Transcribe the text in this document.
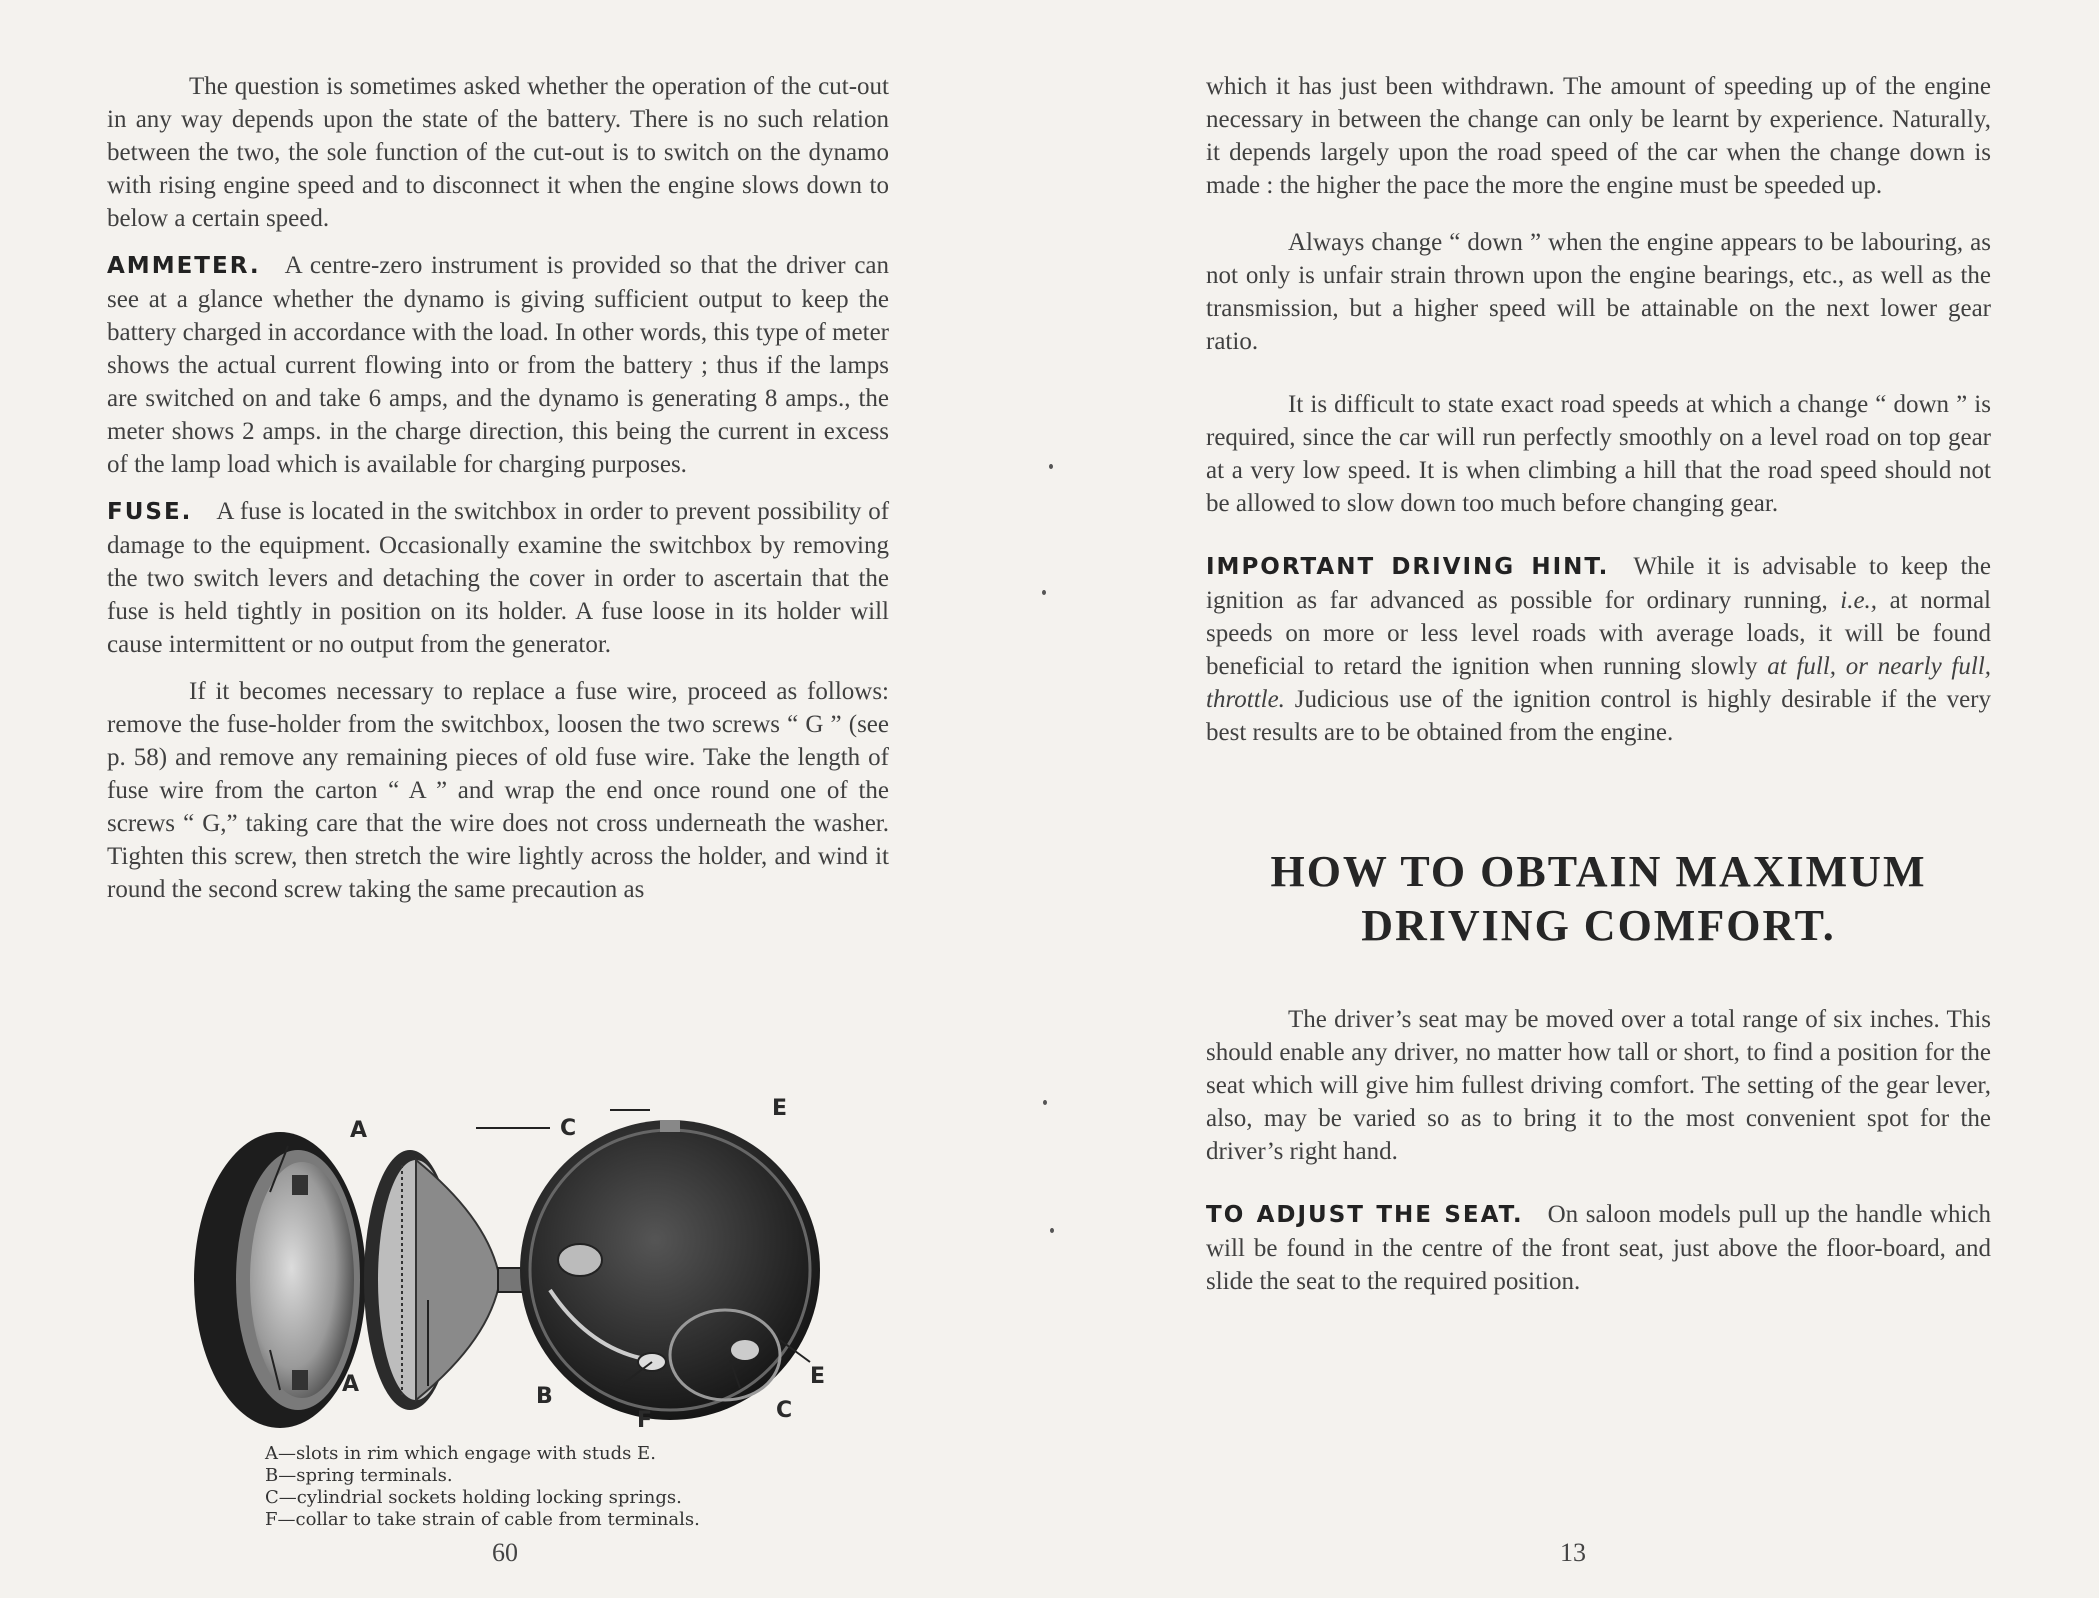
The question is sometimes asked whether the operation of the cut-out in any way depends upon the state of the battery. There is no such relation between the two, the sole function of the cut-out is to switch on the dynamo with rising engine speed and to disconnect it when the engine slows down to below a certain speed.

AMMETER. A centre-zero instrument is provided so that the driver can see at a glance whether the dynamo is giving sufficient output to keep the battery charged in accordance with the load. In other words, this type of meter shows the actual current flowing into or from the battery ; thus if the lamps are switched on and take 6 amps, and the dynamo is generating 8 amps., the meter shows 2 amps. in the charge direction, this being the current in excess of the lamp load which is available for charging purposes.

FUSE. A fuse is located in the switchbox in order to prevent possibility of damage to the equipment. Occasionally examine the switchbox by removing the two switch levers and detaching the cover in order to ascertain that the fuse is held tightly in position on its holder. A fuse loose in its holder will cause intermittent or no output from the generator.

If it becomes necessary to replace a fuse wire, proceed as follows: remove the fuse-holder from the switchbox, loosen the two screws “ G ” (see p. 58) and remove any remaining pieces of old fuse wire. Take the length of fuse wire from the carton “ A ” and wrap the end once round one of the screws “ G,” taking care that the wire does not cross underneath the washer. Tighten this screw, then stretch the wire lightly across the holder, and wind it round the second screw taking the same precaution as

A
A	B
C
C
E
E
F
A—slots in rim which engage with studs E.
B—spring terminals.
C—cylindrial sockets holding locking springs.
F—collar to take strain of cable from terminals.
60

which it has just been withdrawn. The amount of speeding up of the engine necessary in between the change can only be learnt by experience. Naturally, it depends largely upon the road speed of the car when the change down is made : the higher the pace the more the engine must be speeded up.

Always change “ down ” when the engine appears to be labouring, as not only is unfair strain thrown upon the engine bearings, etc., as well as the transmission, but a higher speed will be attainable on the next lower gear ratio.

It is difficult to state exact road speeds at which a change “ down ” is required, since the car will run perfectly smoothly on a level road on top gear at a very low speed. It is when climbing a hill that the road speed should not be allowed to slow down too much before changing gear.

IMPORTANT DRIVING HINT. While it is advisable to keep the ignition as far advanced as possible for ordinary running, i.e., at normal speeds on more or less level roads with average loads, it will be found beneficial to retard the ignition when running slowly at full, or nearly full, throttle. Judicious use of the ignition control is highly desirable if the very best results are to be obtained from the engine.

HOW TO OBTAIN MAXIMUM
DRIVING COMFORT.

The driver’s seat may be moved over a total range of six inches. This should enable any driver, no matter how tall or short, to find a position for the seat which will give him fullest driving comfort. The setting of the gear lever, also, may be varied so as to bring it to the most convenient spot for the driver’s right hand.

TO ADJUST THE SEAT. On saloon models pull up the handle which will be found in the centre of the front seat, just above the floor-board, and slide the seat to the required position.

13
